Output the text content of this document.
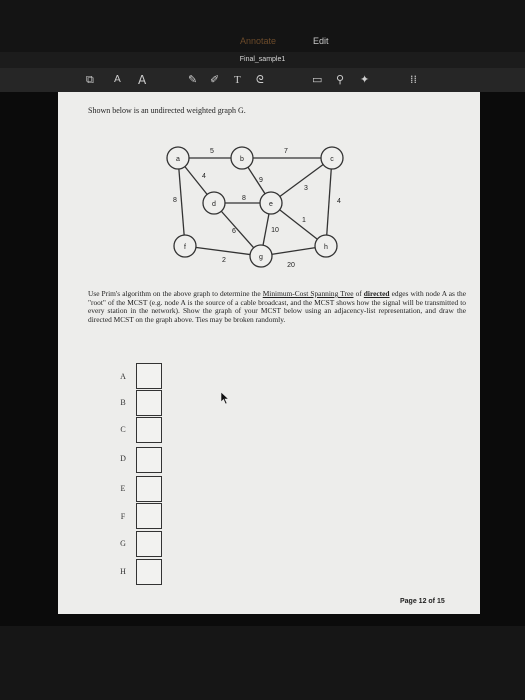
Annotate	Edit
Final_sample1
⧉ A A	✎ ✐ T ᘓ	▭ ⚲ ✦	⁞⁞
Shown below is an undirected weighted graph G.
a	b	c
d	e
f
g
h
5	7
4
9
3
8	8	4
1
6	10
2
20
Use Prim's algorithm on the above graph to determine the Minimum-Cost Spanning Tree of directed edges with node A as the "root" of the MCST (e.g. node A is the source of a cable broadcast, and the MCST shows how the signal will be transmitted to every station in the network). Show the graph of your MCST below using an adjacency-list representation, and draw the directed MCST on the graph above. Ties may be broken randomly.
A
B
C
D
E
F
G
H
Page 12 of 15
